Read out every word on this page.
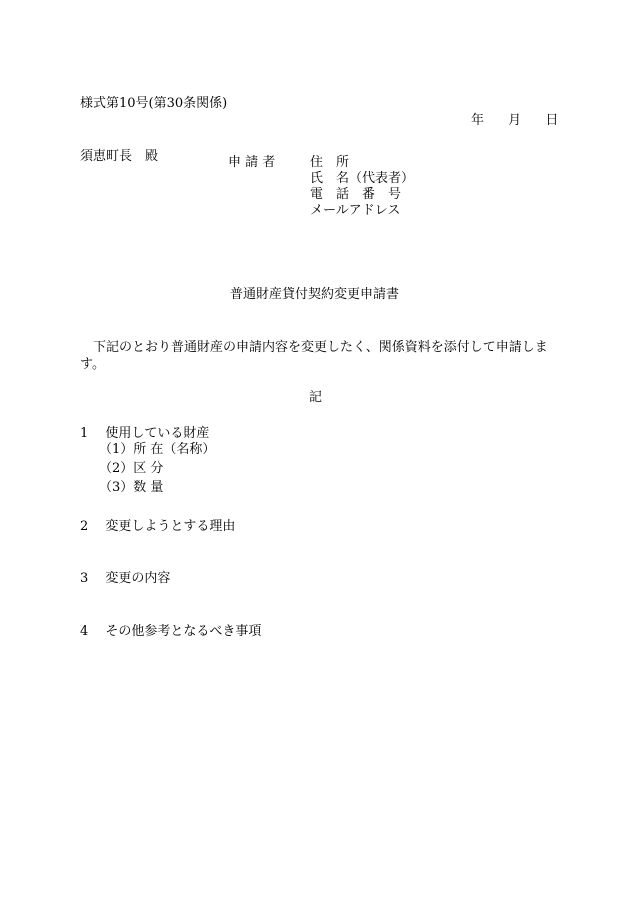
様式第10号(第30条関係)
年 月 日
須恵町長　殿	申 請 者	住　所
氏　名（代表者）
電　話　番　号
メールアドレス
普通財産貸付契約変更申請書
下記のとおり普通財産の申請内容を変更したく、関係資料を添付して申請します。
記
1　 使用している財産
（1）所 在（名称）
（2）区 分
（3）数 量
2　 変更しようとする理由
3　 変更の内容
4　 その他参考となるべき事項
